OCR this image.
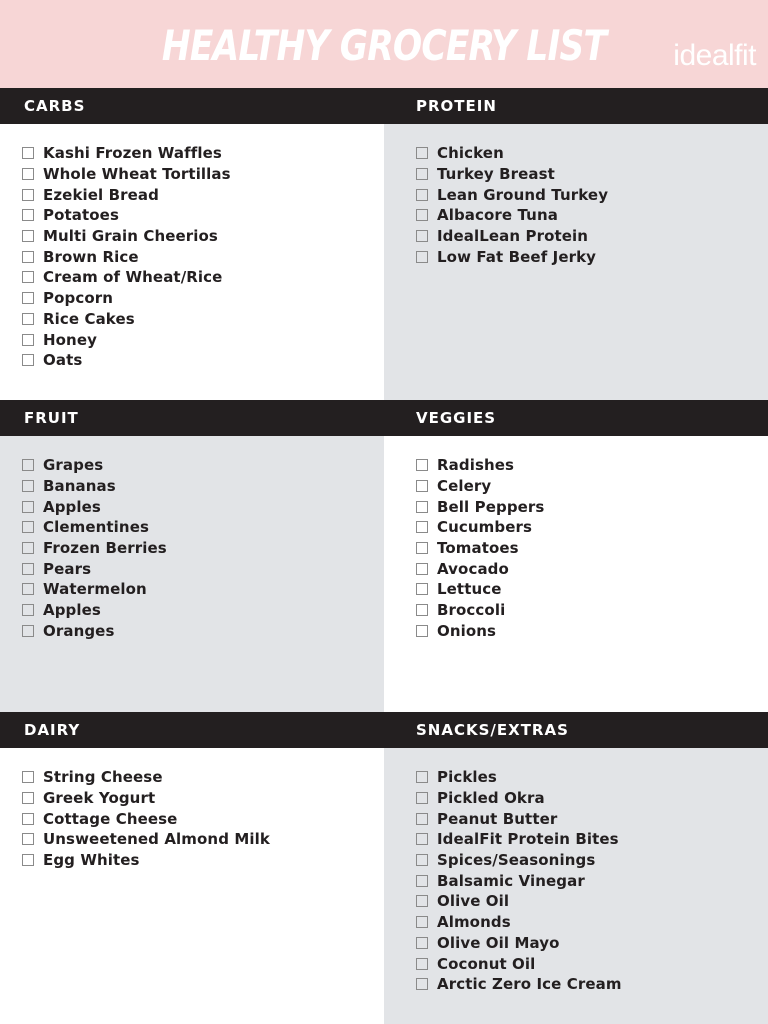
HEALTHY GROCERY LIST	idealfit
CARBS
Kashi Frozen Waffles
Whole Wheat Tortillas
Ezekiel Bread
Potatoes
Multi Grain Cheerios
Brown Rice
Cream of Wheat/Rice
Popcorn
Rice Cakes
Honey
Oats
PROTEIN
Chicken
Turkey Breast
Lean Ground Turkey
Albacore Tuna
IdealLean Protein
Low Fat Beef Jerky
FRUIT
Grapes
Bananas
Apples
Clementines
Frozen Berries
Pears
Watermelon
Apples
Oranges
VEGGIES
Radishes
Celery
Bell Peppers
Cucumbers
Tomatoes
Avocado
Lettuce
Broccoli
Onions
DAIRY
String Cheese
Greek Yogurt
Cottage Cheese
Unsweetened Almond Milk
Egg Whites
SNACKS/EXTRAS
Pickles
Pickled Okra
Peanut Butter
IdealFit Protein Bites
Spices/Seasonings
Balsamic Vinegar
Olive Oil
Almonds
Olive Oil Mayo
Coconut Oil
Arctic Zero Ice Cream
